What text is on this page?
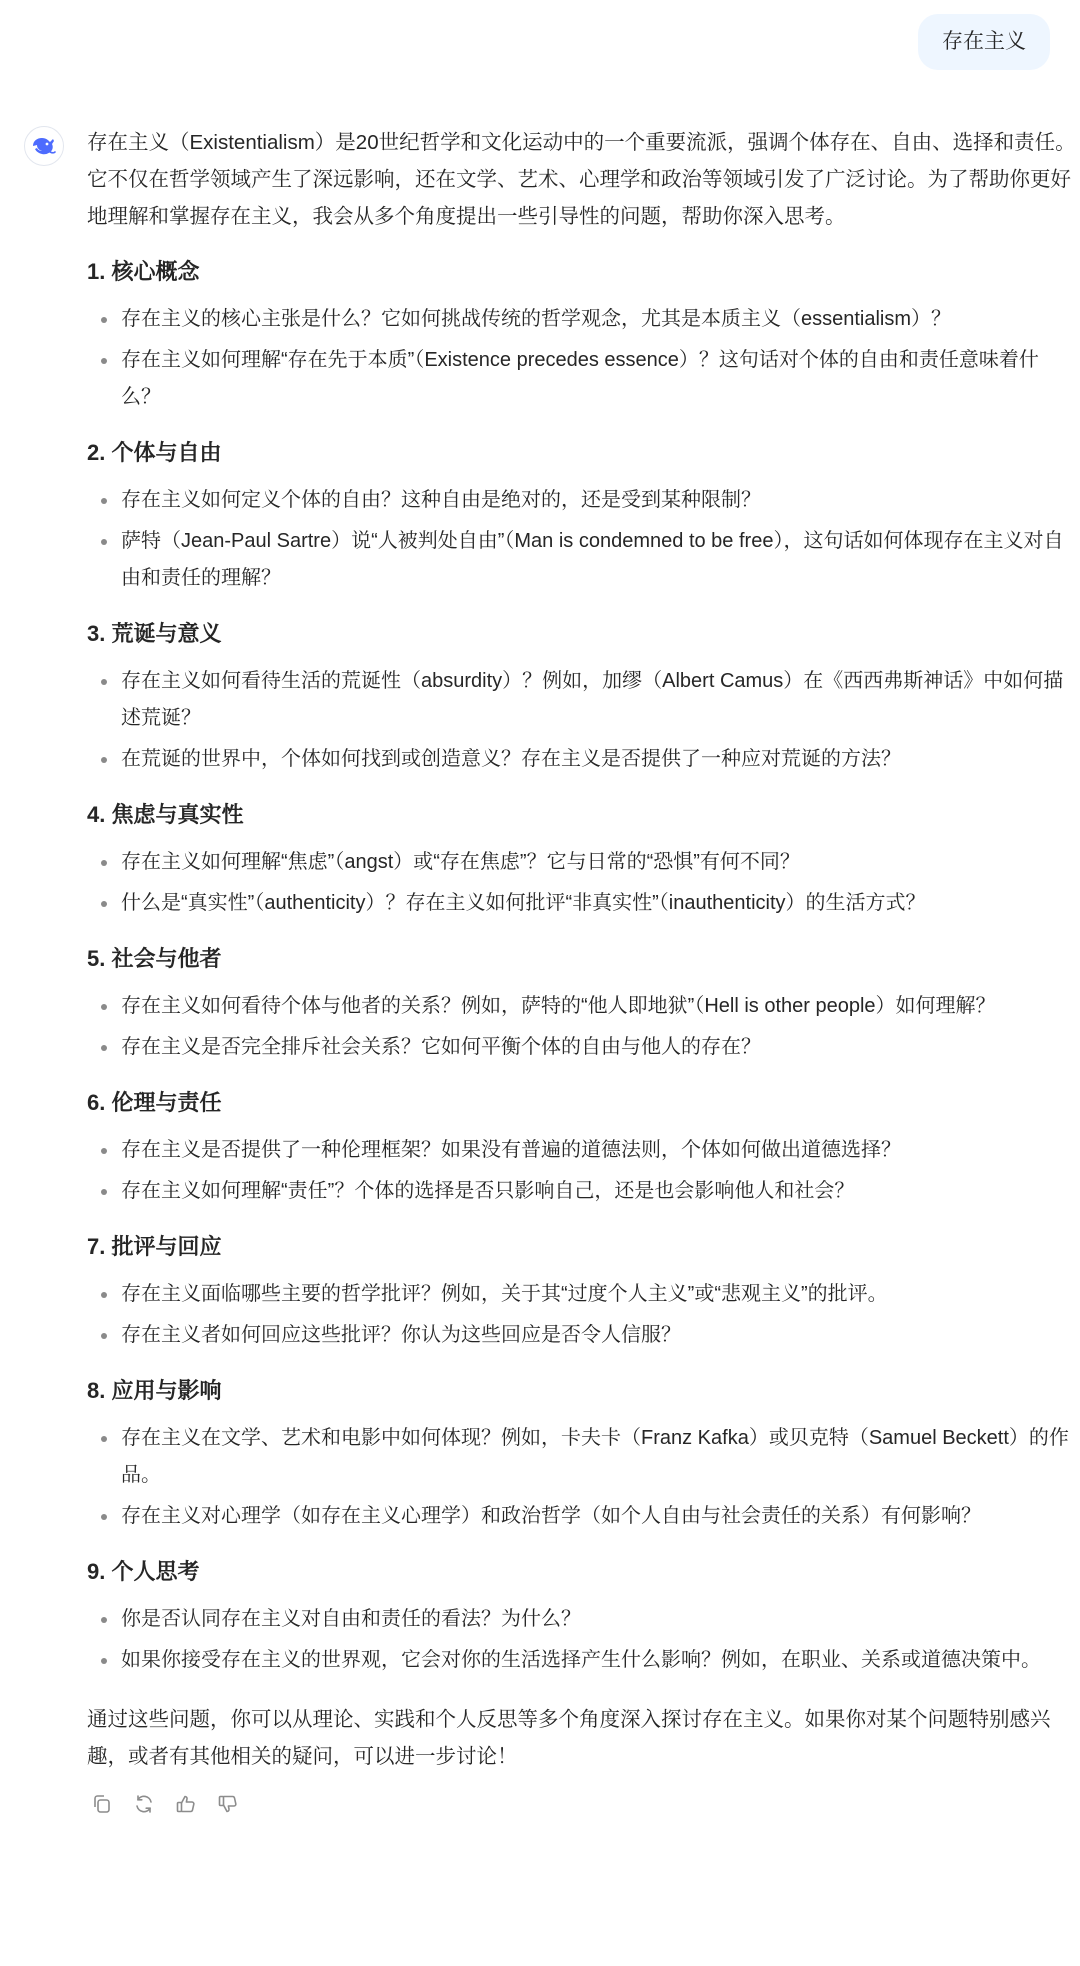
存在主义

存在主义（Existentialism）是20世纪哲学和文化运动中的一个重要流派，强调个体存在、自由、选择和责任。它不仅在哲学领域产生了深远影响，还在文学、艺术、心理学和政治等领域引发了广泛讨论。为了帮助你更好地理解和掌握存在主义，我会从多个角度提出一些引导性的问题，帮助你深入思考。

1. 核心概念
存在主义的核心主张是什么？它如何挑战传统的哲学观念，尤其是本质主义（essentialism）？
存在主义如何理解“存在先于本质”（Existence precedes essence）？这句话对个体的自由和责任意味着什么？
2. 个体与自由
存在主义如何定义个体的自由？这种自由是绝对的，还是受到某种限制？
萨特（Jean-Paul Sartre）说“人被判处自由”（Man is condemned to be free），这句话如何体现存在主义对自由和责任的理解？
3. 荒诞与意义
存在主义如何看待生活的荒诞性（absurdity）？例如，加缪（Albert Camus）在《西西弗斯神话》中如何描述荒诞？
在荒诞的世界中，个体如何找到或创造意义？存在主义是否提供了一种应对荒诞的方法？
4. 焦虑与真实性
存在主义如何理解“焦虑”（angst）或“存在焦虑”？它与日常的“恐惧”有何不同？
什么是“真实性”（authenticity）？存在主义如何批评“非真实性”（inauthenticity）的生活方式？
5. 社会与他者
存在主义如何看待个体与他者的关系？例如，萨特的“他人即地狱”（Hell is other people）如何理解？
存在主义是否完全排斥社会关系？它如何平衡个体的自由与他人的存在？
6. 伦理与责任
存在主义是否提供了一种伦理框架？如果没有普遍的道德法则，个体如何做出道德选择？
存在主义如何理解“责任”？个体的选择是否只影响自己，还是也会影响他人和社会？
7. 批评与回应
存在主义面临哪些主要的哲学批评？例如，关于其“过度个人主义”或“悲观主义”的批评。
存在主义者如何回应这些批评？你认为这些回应是否令人信服？
8. 应用与影响
存在主义在文学、艺术和电影中如何体现？例如，卡夫卡（Franz Kafka）或贝克特（Samuel Beckett）的作品。
存在主义对心理学（如存在主义心理学）和政治哲学（如个人自由与社会责任的关系）有何影响？
9. 个人思考
你是否认同存在主义对自由和责任的看法？为什么？
如果你接受存在主义的世界观，它会对你的生活选择产生什么影响？例如，在职业、关系或道德决策中。

通过这些问题，你可以从理论、实践和个人反思等多个角度深入探讨存在主义。如果你对某个问题特别感兴趣，或者有其他相关的疑问，可以进一步讨论！
